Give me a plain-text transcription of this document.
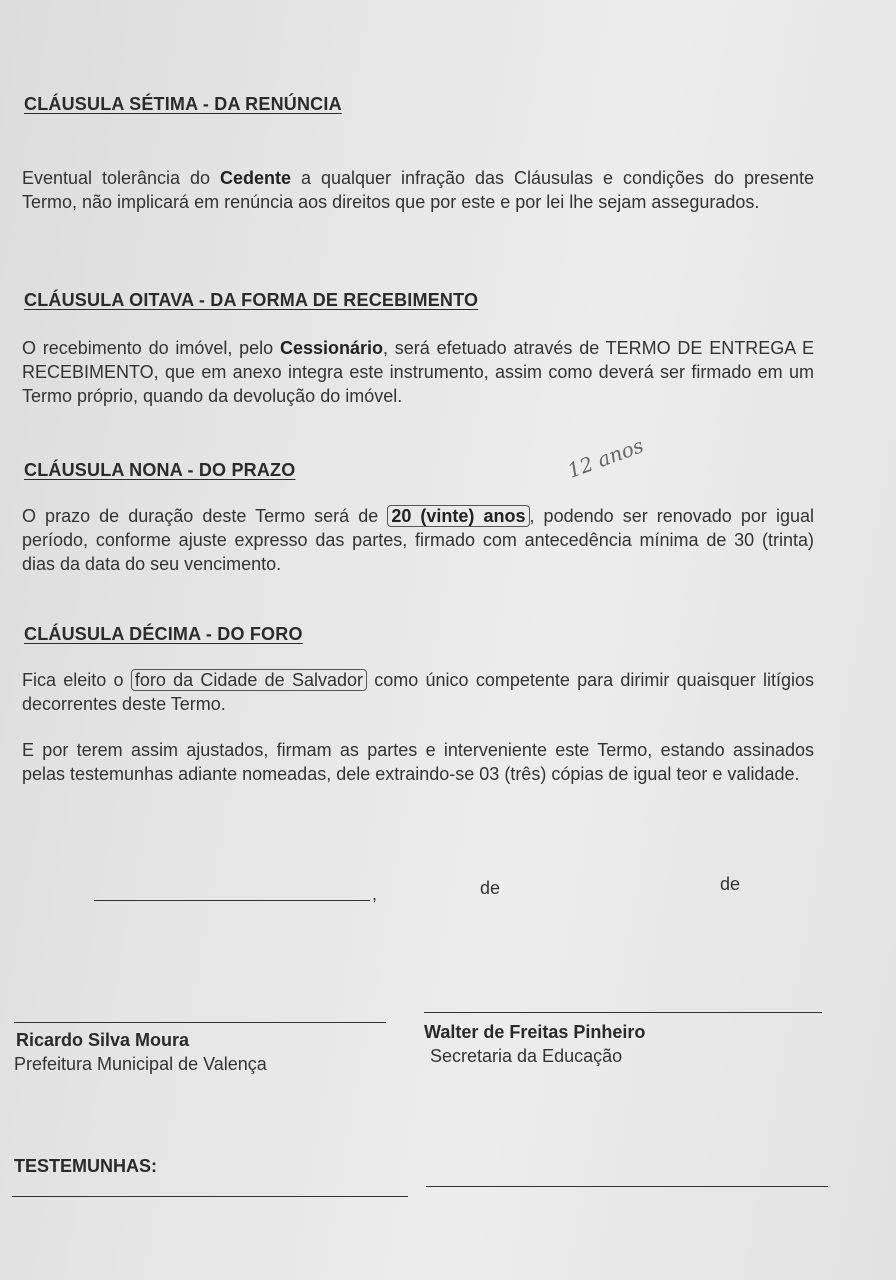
CLÁUSULA SÉTIMA - DA RENÚNCIA
Eventual tolerância do Cedente a qualquer infração das Cláusulas e condições do presente Termo, não implicará em renúncia aos direitos que por este e por lei lhe sejam assegurados.
CLÁUSULA OITAVA - DA FORMA DE RECEBIMENTO
O recebimento do imóvel, pelo Cessionário, será efetuado através de TERMO DE ENTREGA E RECEBIMENTO, que em anexo integra este instrumento, assim como deverá ser firmado em um Termo próprio, quando da devolução do imóvel.
CLÁUSULA NONA - DO PRAZO	12 anos
O prazo de duração deste Termo será de 20 (vinte) anos , podendo ser renovado por igual período, conforme ajuste expresso das partes, firmado com antecedência mínima de 30 (trinta) dias da data do seu vencimento.
CLÁUSULA DÉCIMA - DO FORO
Fica eleito o foro da Cidade de Salvador como único competente para dirimir quaisquer litígios decorrentes deste Termo.
E por terem assim ajustados, firmam as partes e interveniente este Termo, estando assinados pelas testemunhas adiante nomeadas, dele extraindo-se 03 (três) cópias de igual teor e validade.
,	de	de
Ricardo Silva Moura
Prefeitura Municipal de Valença
Walter de Freitas Pinheiro
Secretaria da Educação
TESTEMUNHAS:
